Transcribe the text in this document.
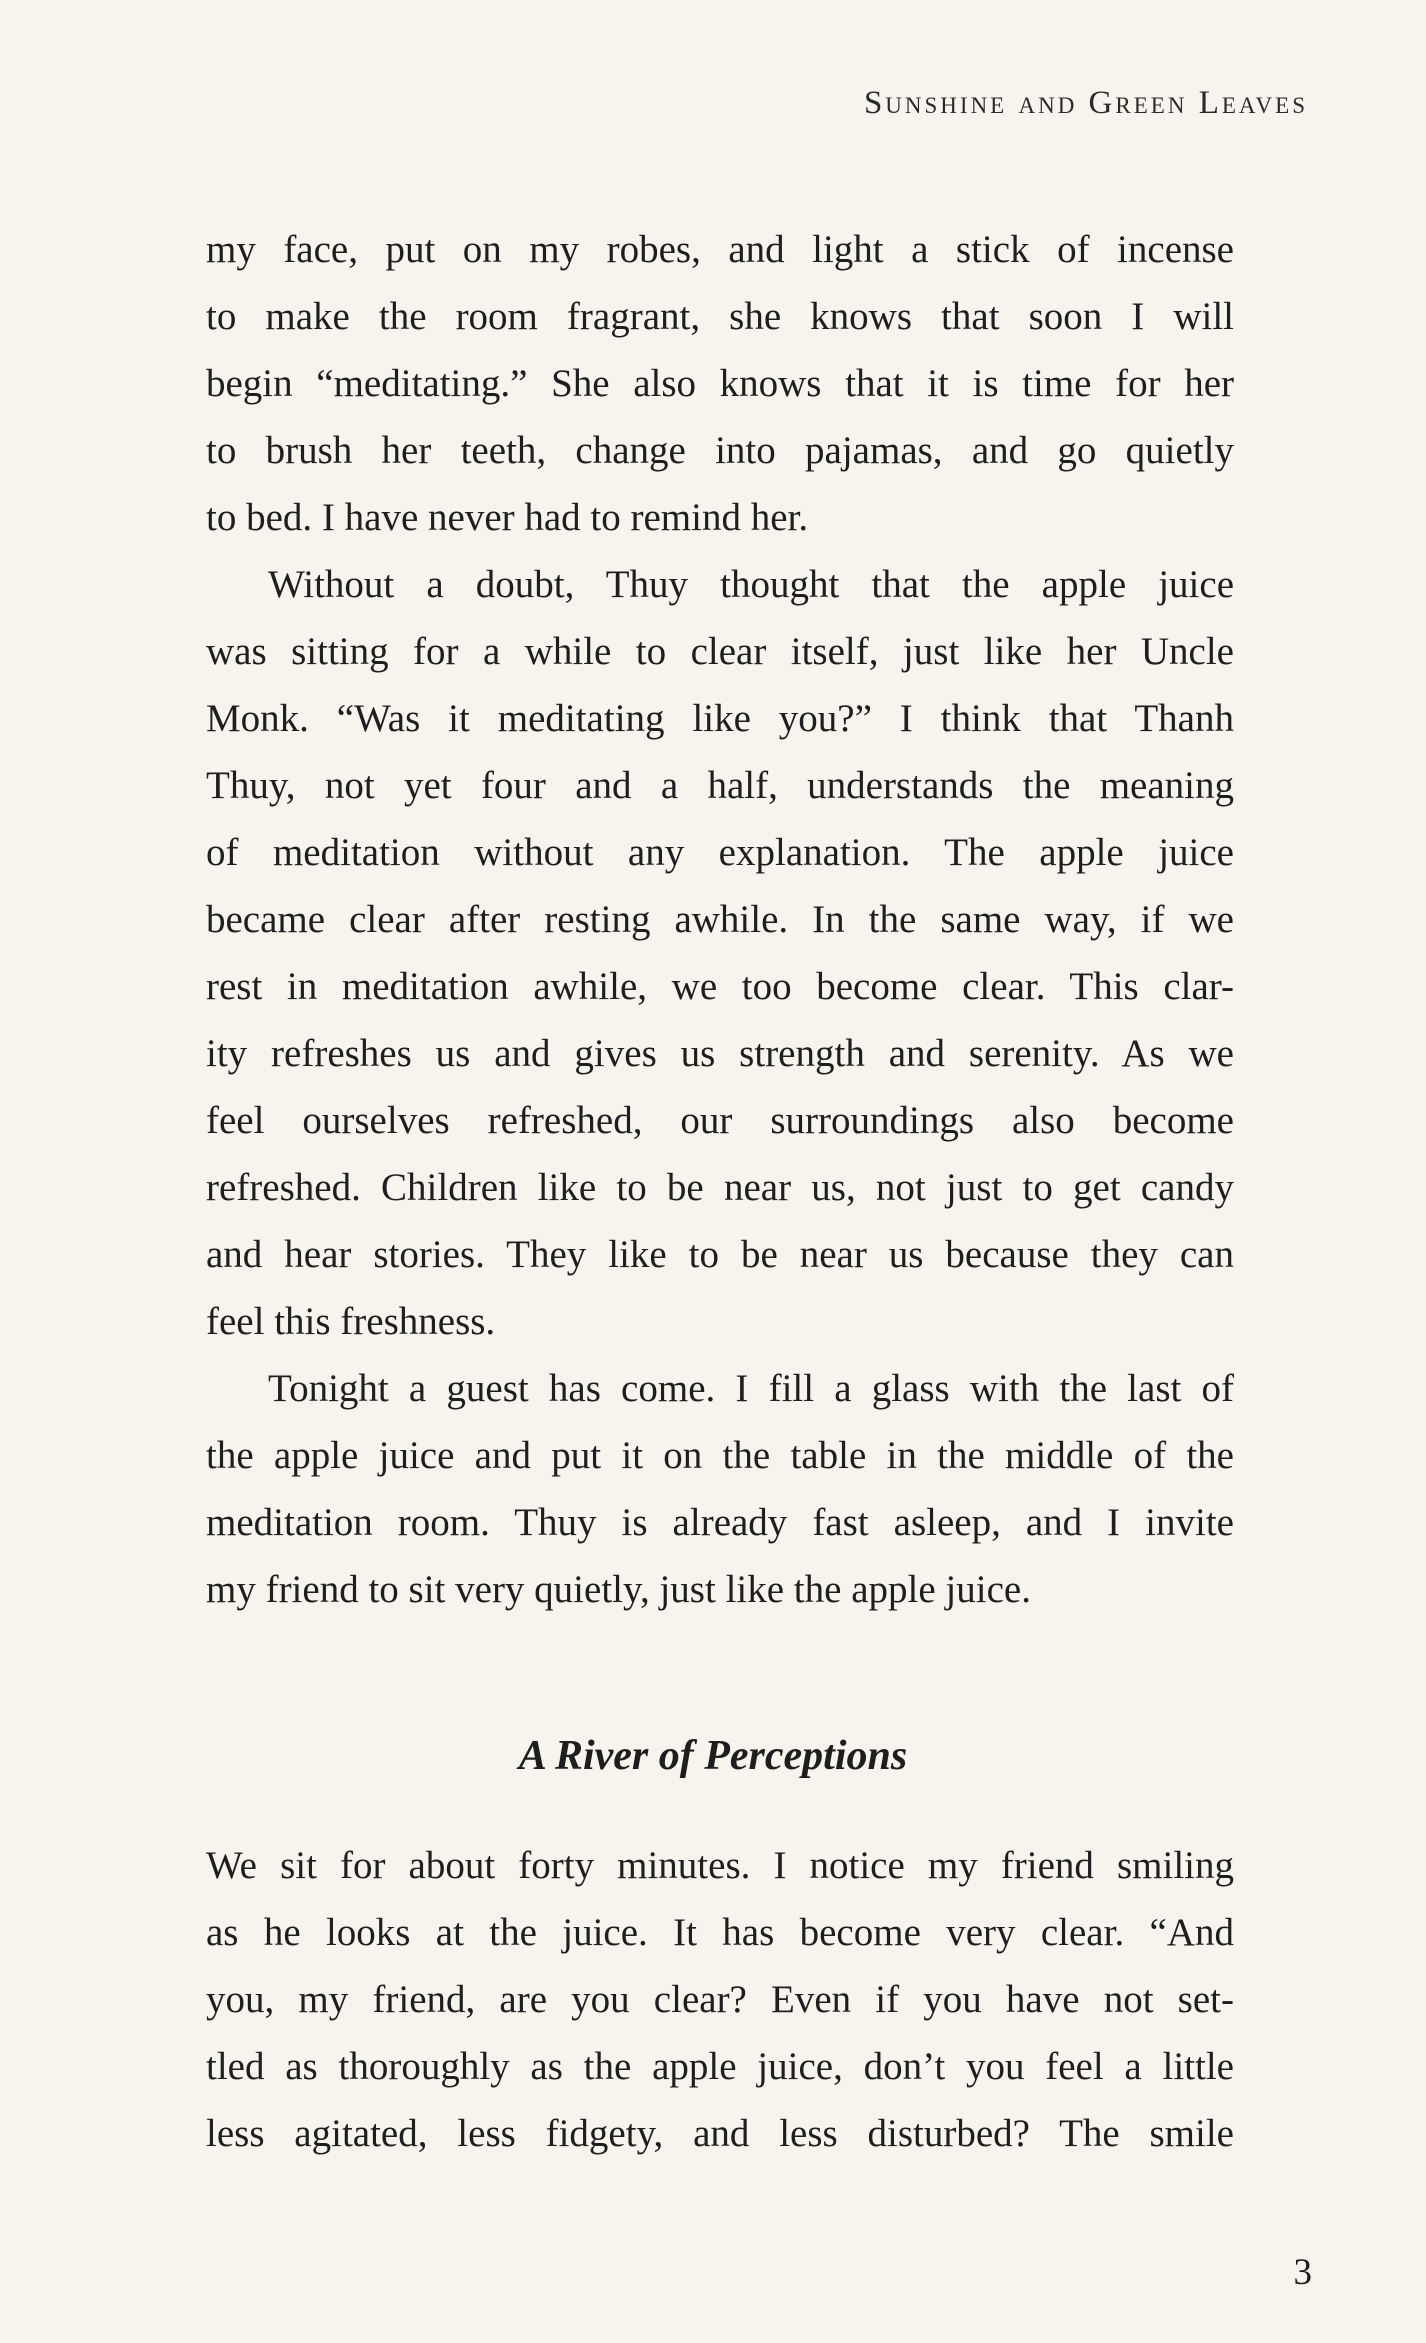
Sunshine and Green Leaves
my face, put on my robes, and light a stick of incense
to make the room fragrant, she knows that soon I will
begin “meditating.” She also knows that it is time for her
to brush her teeth, change into pajamas, and go quietly
to bed. I have never had to remind her.
Without a doubt, Thuy thought that the apple juice
was sitting for a while to clear itself, just like her Uncle
Monk. “Was it meditating like you?” I think that Thanh
Thuy, not yet four and a half, understands the meaning
of meditation without any explanation. The apple juice
became clear after resting awhile. In the same way, if we
rest in meditation awhile, we too become clear. This clar-
ity refreshes us and gives us strength and serenity. As we
feel ourselves refreshed, our surroundings also become
refreshed. Children like to be near us, not just to get candy
and hear stories. They like to be near us because they can
feel this freshness.
Tonight a guest has come. I fill a glass with the last of
the apple juice and put it on the table in the middle of the
meditation room. Thuy is already fast asleep, and I invite
my friend to sit very quietly, just like the apple juice.
A River of Perceptions
We sit for about forty minutes. I notice my friend smiling
as he looks at the juice. It has become very clear. “And
you, my friend, are you clear? Even if you have not set-
tled as thoroughly as the apple juice, don’t you feel a little
less agitated, less fidgety, and less disturbed? The smile
3
